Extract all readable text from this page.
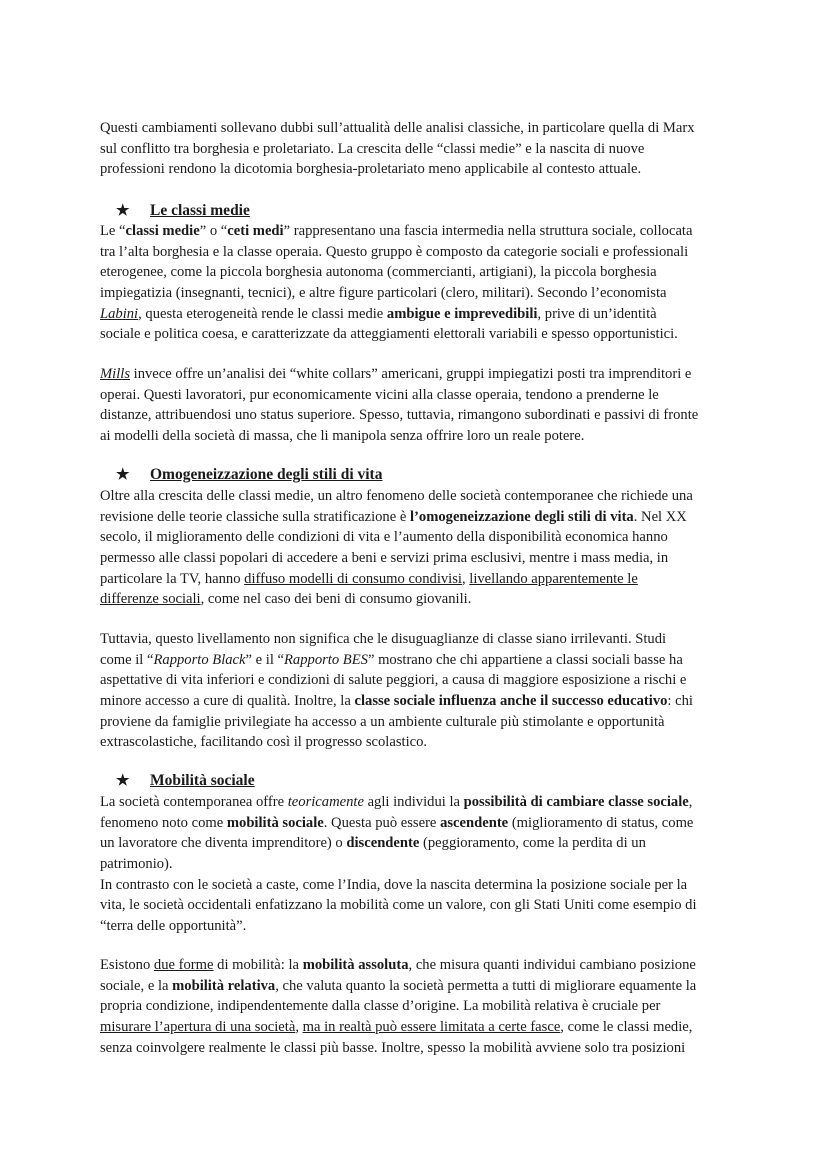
Questi cambiamenti sollevano dubbi sull’attualità delle analisi classiche, in particolare quella di Marx
sul conflitto tra borghesia e proletariato. La crescita delle “classi medie” e la nascita di nuove
professioni rendono la dicotomia borghesia-proletariato meno applicabile al contesto attuale.
★ Le classi medie
Le “classi medie” o “ceti medi” rappresentano una fascia intermedia nella struttura sociale, collocata
tra l’alta borghesia e la classe operaia. Questo gruppo è composto da categorie sociali e professionali
eterogenee, come la piccola borghesia autonoma (commercianti, artigiani), la piccola borghesia
impiegatizia (insegnanti, tecnici), e altre figure particolari (clero, militari). Secondo l’economista
Labini, questa eterogeneità rende le classi medie ambigue e imprevedibili, prive di un’identità
sociale e politica coesa, e caratterizzate da atteggiamenti elettorali variabili e spesso opportunistici.
Mills invece offre un’analisi dei “white collars” americani, gruppi impiegatizi posti tra imprenditori e
operai. Questi lavoratori, pur economicamente vicini alla classe operaia, tendono a prenderne le
distanze, attribuendosi uno status superiore. Spesso, tuttavia, rimangono subordinati e passivi di fronte
ai modelli della società di massa, che li manipola senza offrire loro un reale potere.
★ Omogeneizzazione degli stili di vita
Oltre alla crescita delle classi medie, un altro fenomeno delle società contemporanee che richiede una
revisione delle teorie classiche sulla stratificazione è l’omogeneizzazione degli stili di vita. Nel XX
secolo, il miglioramento delle condizioni di vita e l’aumento della disponibilità economica hanno
permesso alle classi popolari di accedere a beni e servizi prima esclusivi, mentre i mass media, in
particolare la TV, hanno diffuso modelli di consumo condivisi, livellando apparentemente le
differenze sociali, come nel caso dei beni di consumo giovanili.
Tuttavia, questo livellamento non significa che le disuguaglianze di classe siano irrilevanti. Studi
come il “Rapporto Black” e il “Rapporto BES” mostrano che chi appartiene a classi sociali basse ha
aspettative di vita inferiori e condizioni di salute peggiori, a causa di maggiore esposizione a rischi e
minore accesso a cure di qualità. Inoltre, la classe sociale influenza anche il successo educativo: chi
proviene da famiglie privilegiate ha accesso a un ambiente culturale più stimolante e opportunità
extrascolastiche, facilitando così il progresso scolastico.
★ Mobilità sociale
La società contemporanea offre teoricamente agli individui la possibilità di cambiare classe sociale,
fenomeno noto come mobilità sociale. Questa può essere ascendente (miglioramento di status, come
un lavoratore che diventa imprenditore) o discendente (peggioramento, come la perdita di un
patrimonio).
In contrasto con le società a caste, come l’India, dove la nascita determina la posizione sociale per la
vita, le società occidentali enfatizzano la mobilità come un valore, con gli Stati Uniti come esempio di
“terra delle opportunità”.
Esistono due forme di mobilità: la mobilità assoluta, che misura quanti individui cambiano posizione
sociale, e la mobilità relativa, che valuta quanto la società permetta a tutti di migliorare equamente la
propria condizione, indipendentemente dalla classe d’origine. La mobilità relativa è cruciale per
misurare l’apertura di una società, ma in realtà può essere limitata a certe fasce, come le classi medie,
senza coinvolgere realmente le classi più basse. Inoltre, spesso la mobilità avviene solo tra posizioni
